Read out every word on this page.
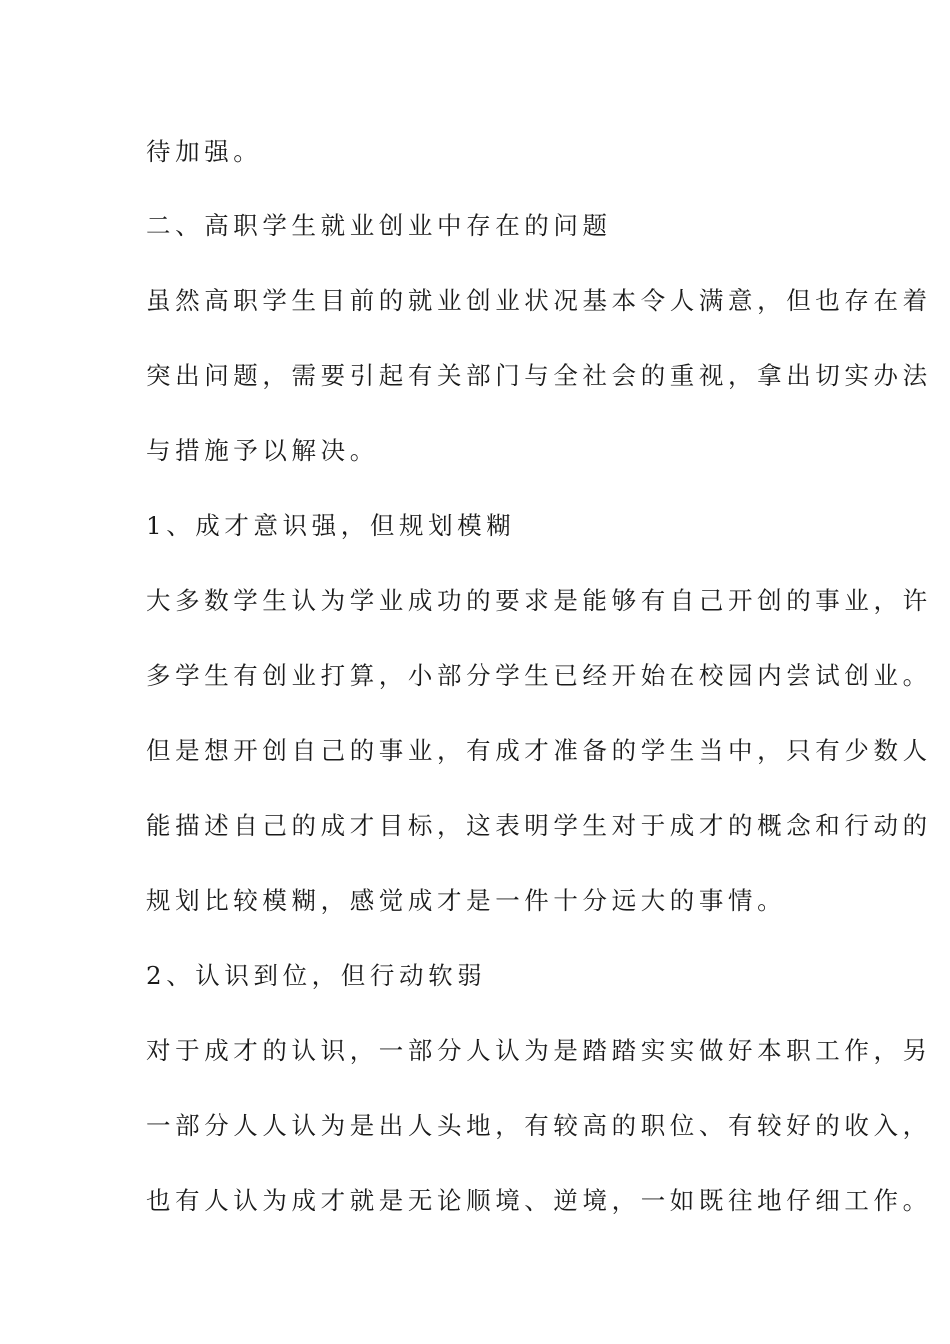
待加强。
二、高职学生就业创业中存在的问题
虽然高职学生目前的就业创业状况基本令人满意，但也存在着
突出问题，需要引起有关部门与全社会的重视，拿出切实办法
与措施予以解决。
1、成才意识强，但规划模糊
大多数学生认为学业成功的要求是能够有自己开创的事业，许
多学生有创业打算，小部分学生已经开始在校园内尝试创业。
但是想开创自己的事业，有成才准备的学生当中，只有少数人
能描述自己的成才目标，这表明学生对于成才的概念和行动的
规划比较模糊，感觉成才是一件十分远大的事情。
2、认识到位，但行动软弱
对于成才的认识，一部分人认为是踏踏实实做好本职工作，另
一部分人人认为是出人头地，有较高的职位、有较好的收入，
也有人认为成才就是无论顺境、逆境，一如既往地仔细工作。
